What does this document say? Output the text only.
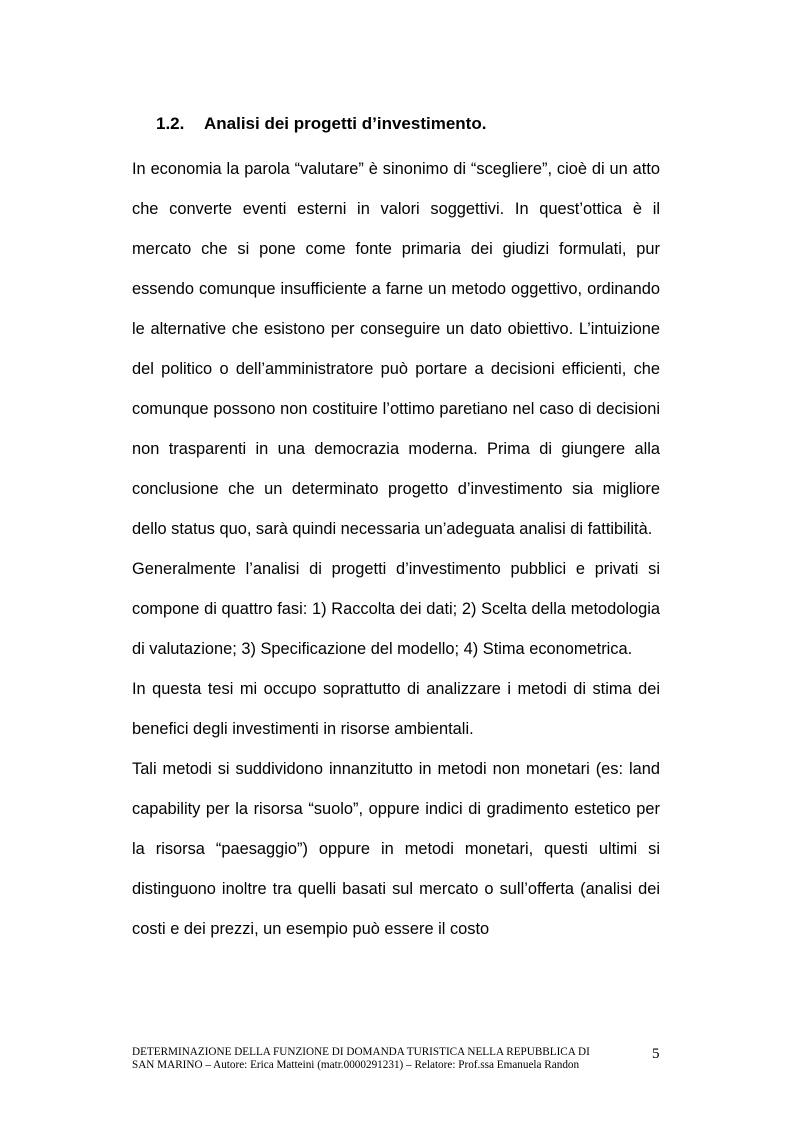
1.2. Analisi dei progetti d’investimento.

In economia la parola “valutare” è sinonimo di “scegliere”, cioè di un atto che converte eventi esterni in valori soggettivi. In quest’ottica è il mercato che si pone come fonte primaria dei giudizi formulati, pur essendo comunque insufficiente a farne un metodo oggettivo, ordinando le alternative che esistono per conseguire un dato obiettivo. L’intuizione del politico o dell’amministratore può portare a decisioni efficienti, che comunque possono non costituire l’ottimo paretiano nel caso di decisioni non trasparenti in una democrazia moderna. Prima di giungere alla conclusione che un determinato progetto d’investimento sia migliore dello status quo, sarà quindi necessaria un’adeguata analisi di fattibilità.

Generalmente l’analisi di progetti d’investimento pubblici e privati si compone di quattro fasi: 1) Raccolta dei dati; 2) Scelta della metodologia di valutazione; 3) Specificazione del modello; 4) Stima econometrica.

In questa tesi mi occupo soprattutto di analizzare i metodi di stima dei benefici degli investimenti in risorse ambientali.

Tali metodi si suddividono innanzitutto in metodi non monetari (es: land capability per la risorsa “suolo”, oppure indici di gradimento estetico per la risorsa “paesaggio”) oppure in metodi monetari, questi ultimi si distinguono inoltre tra quelli basati sul mercato o sull’offerta (analisi dei costi e dei prezzi, un esempio può essere il costo

DETERMINAZIONE DELLA FUNZIONE DI DOMANDA TURISTICA NELLA REPUBBLICA DI
SAN MARINO – Autore: Erica Matteini (matr.0000291231) – Relatore: Prof.ssa Emanuela Randon
5
